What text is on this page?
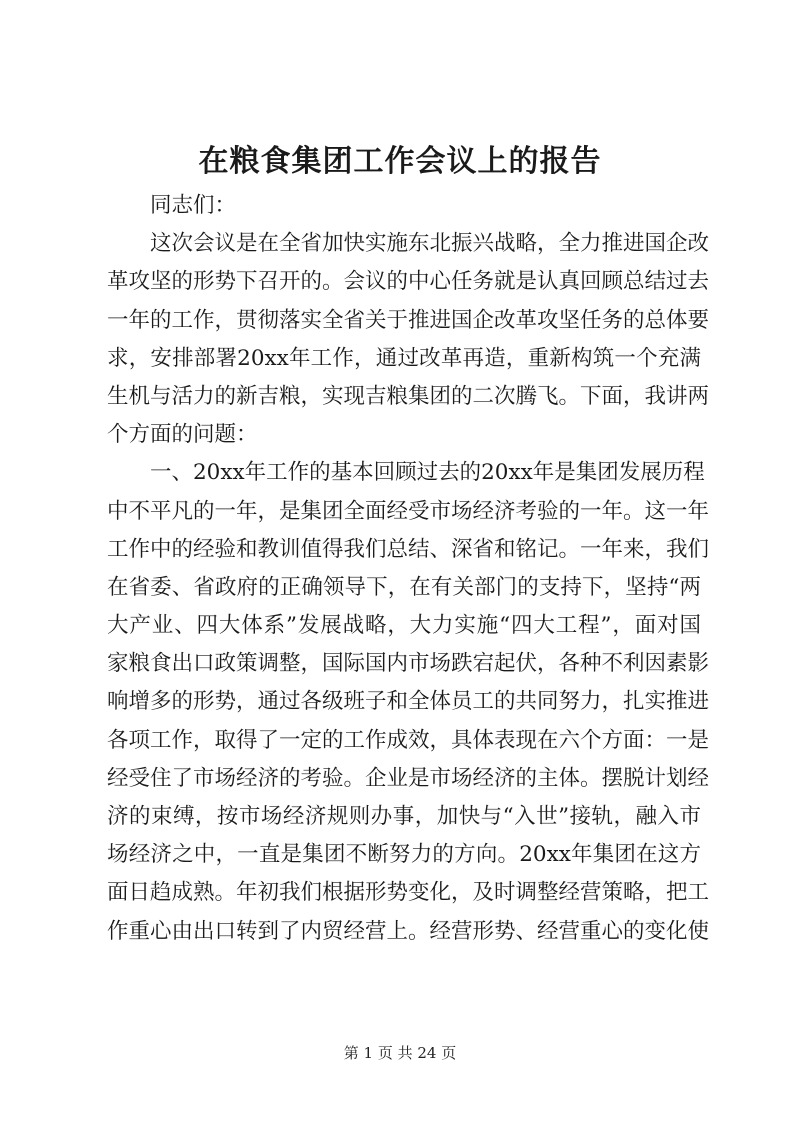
在粮食集团工作会议上的报告
同志们：
这次会议是在全省加快实施东北振兴战略，全力推进国企改
革攻坚的形势下召开的。会议的中心任务就是认真回顾总结过去
一年的工作，贯彻落实全省关于推进国企改革攻坚任务的总体要
求，安排部署20xx年工作，通过改革再造，重新构筑一个充满
生机与活力的新吉粮，实现吉粮集团的二次腾飞。下面，我讲两
个方面的问题：
一、20xx年工作的基本回顾过去的20xx年是集团发展历程
中不平凡的一年，是集团全面经受市场经济考验的一年。这一年
工作中的经验和教训值得我们总结、深省和铭记。一年来，我们
在省委、省政府的正确领导下，在有关部门的支持下，坚持“两
大产业、四大体系”发展战略，大力实施“四大工程”，面对国
家粮食出口政策调整，国际国内市场跌宕起伏，各种不利因素影
响增多的形势，通过各级班子和全体员工的共同努力，扎实推进
各项工作，取得了一定的工作成效，具体表现在六个方面：一是
经受住了市场经济的考验。企业是市场经济的主体。摆脱计划经
济的束缚，按市场经济规则办事，加快与“入世”接轨，融入市
场经济之中，一直是集团不断努力的方向。20xx年集团在这方
面日趋成熟。年初我们根据形势变化，及时调整经营策略，把工
作重心由出口转到了内贸经营上。经营形势、经营重心的变化使
第 1 页 共 24 页
